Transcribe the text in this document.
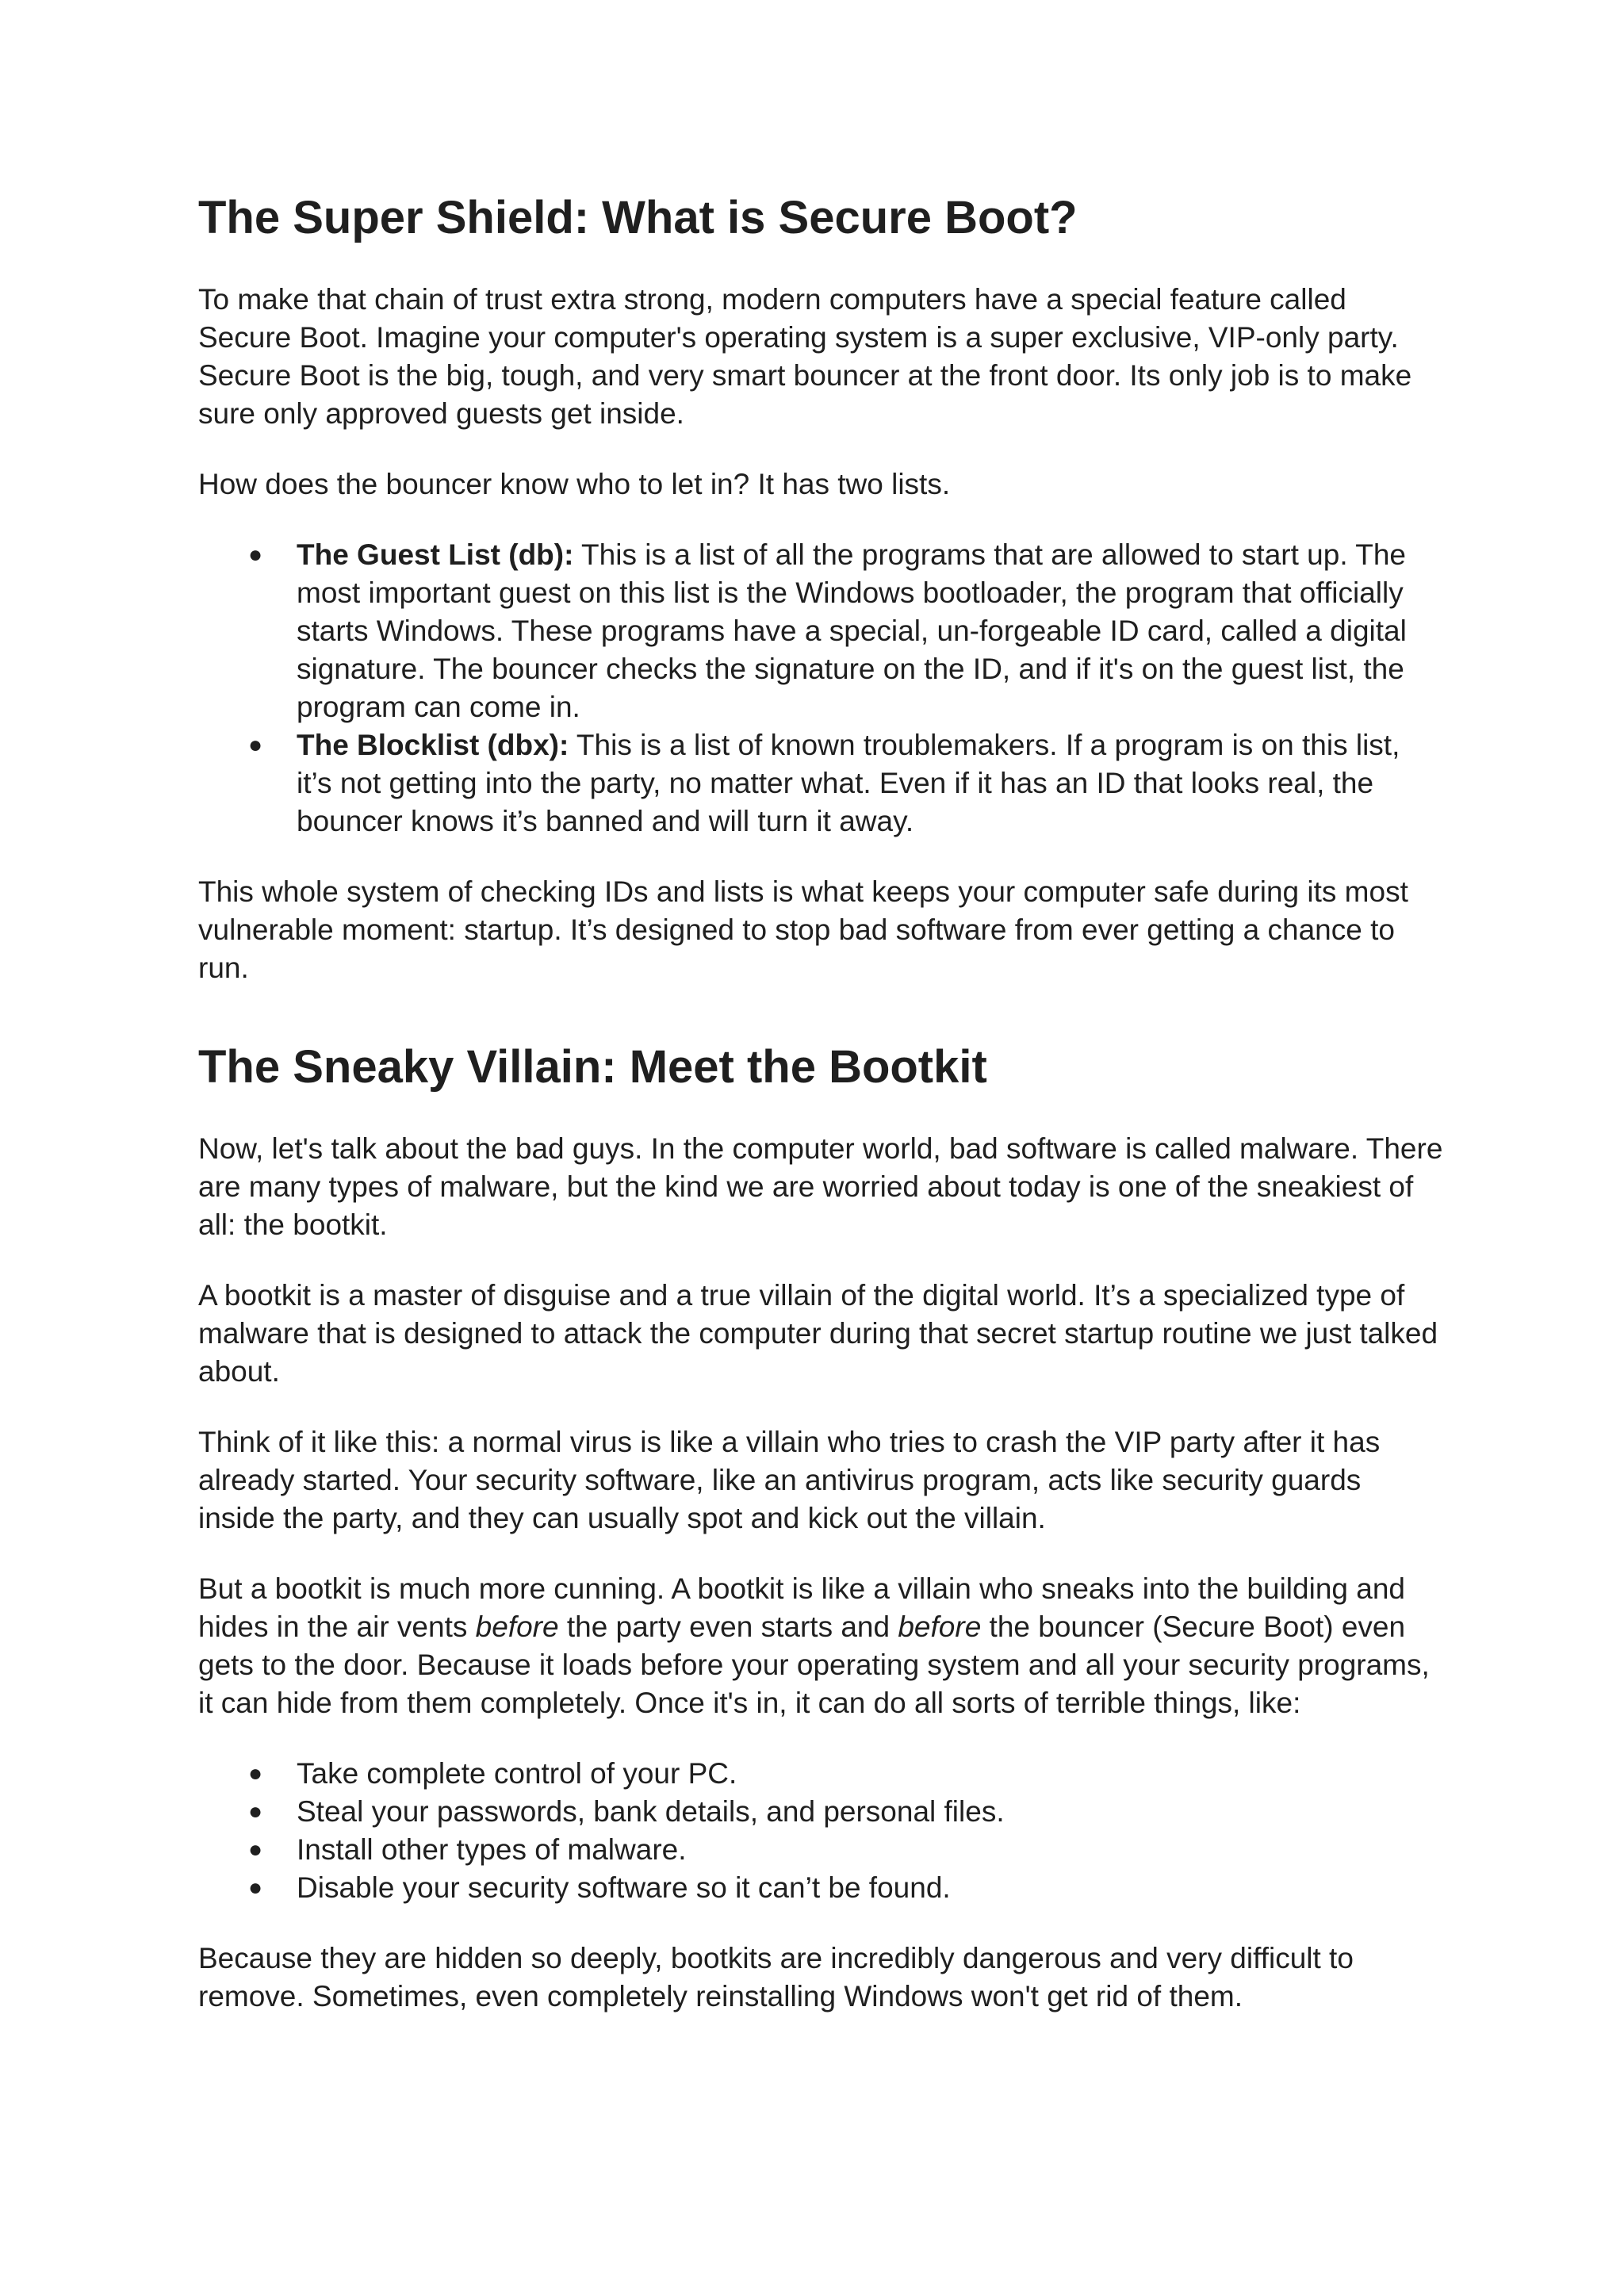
The Super Shield: What is Secure Boot?

To make that chain of trust extra strong, modern computers have a special feature called Secure Boot. Imagine your computer's operating system is a super exclusive, VIP-only party. Secure Boot is the big, tough, and very smart bouncer at the front door. Its only job is to make sure only approved guests get inside.

How does the bouncer know who to let in? It has two lists.

● The Guest List (db): This is a list of all the programs that are allowed to start up. The most important guest on this list is the Windows bootloader, the program that officially starts Windows. These programs have a special, un-forgeable ID card, called a digital signature. The bouncer checks the signature on the ID, and if it's on the guest list, the program can come in.
● The Blocklist (dbx): This is a list of known troublemakers. If a program is on this list, it’s not getting into the party, no matter what. Even if it has an ID that looks real, the bouncer knows it’s banned and will turn it away.

This whole system of checking IDs and lists is what keeps your computer safe during its most vulnerable moment: startup. It’s designed to stop bad software from ever getting a chance to run.

The Sneaky Villain: Meet the Bootkit

Now, let's talk about the bad guys. In the computer world, bad software is called malware. There are many types of malware, but the kind we are worried about today is one of the sneakiest of all: the bootkit.

A bootkit is a master of disguise and a true villain of the digital world. It’s a specialized type of malware that is designed to attack the computer during that secret startup routine we just talked about.

Think of it like this: a normal virus is like a villain who tries to crash the VIP party after it has already started. Your security software, like an antivirus program, acts like security guards inside the party, and they can usually spot and kick out the villain.

But a bootkit is much more cunning. A bootkit is like a villain who sneaks into the building and hides in the air vents before the party even starts and before the bouncer (Secure Boot) even gets to the door. Because it loads before your operating system and all your security programs, it can hide from them completely. Once it's in, it can do all sorts of terrible things, like:

● Take complete control of your PC.
● Steal your passwords, bank details, and personal files.
● Install other types of malware.
● Disable your security software so it can’t be found.

Because they are hidden so deeply, bootkits are incredibly dangerous and very difficult to remove. Sometimes, even completely reinstalling Windows won't get rid of them.
